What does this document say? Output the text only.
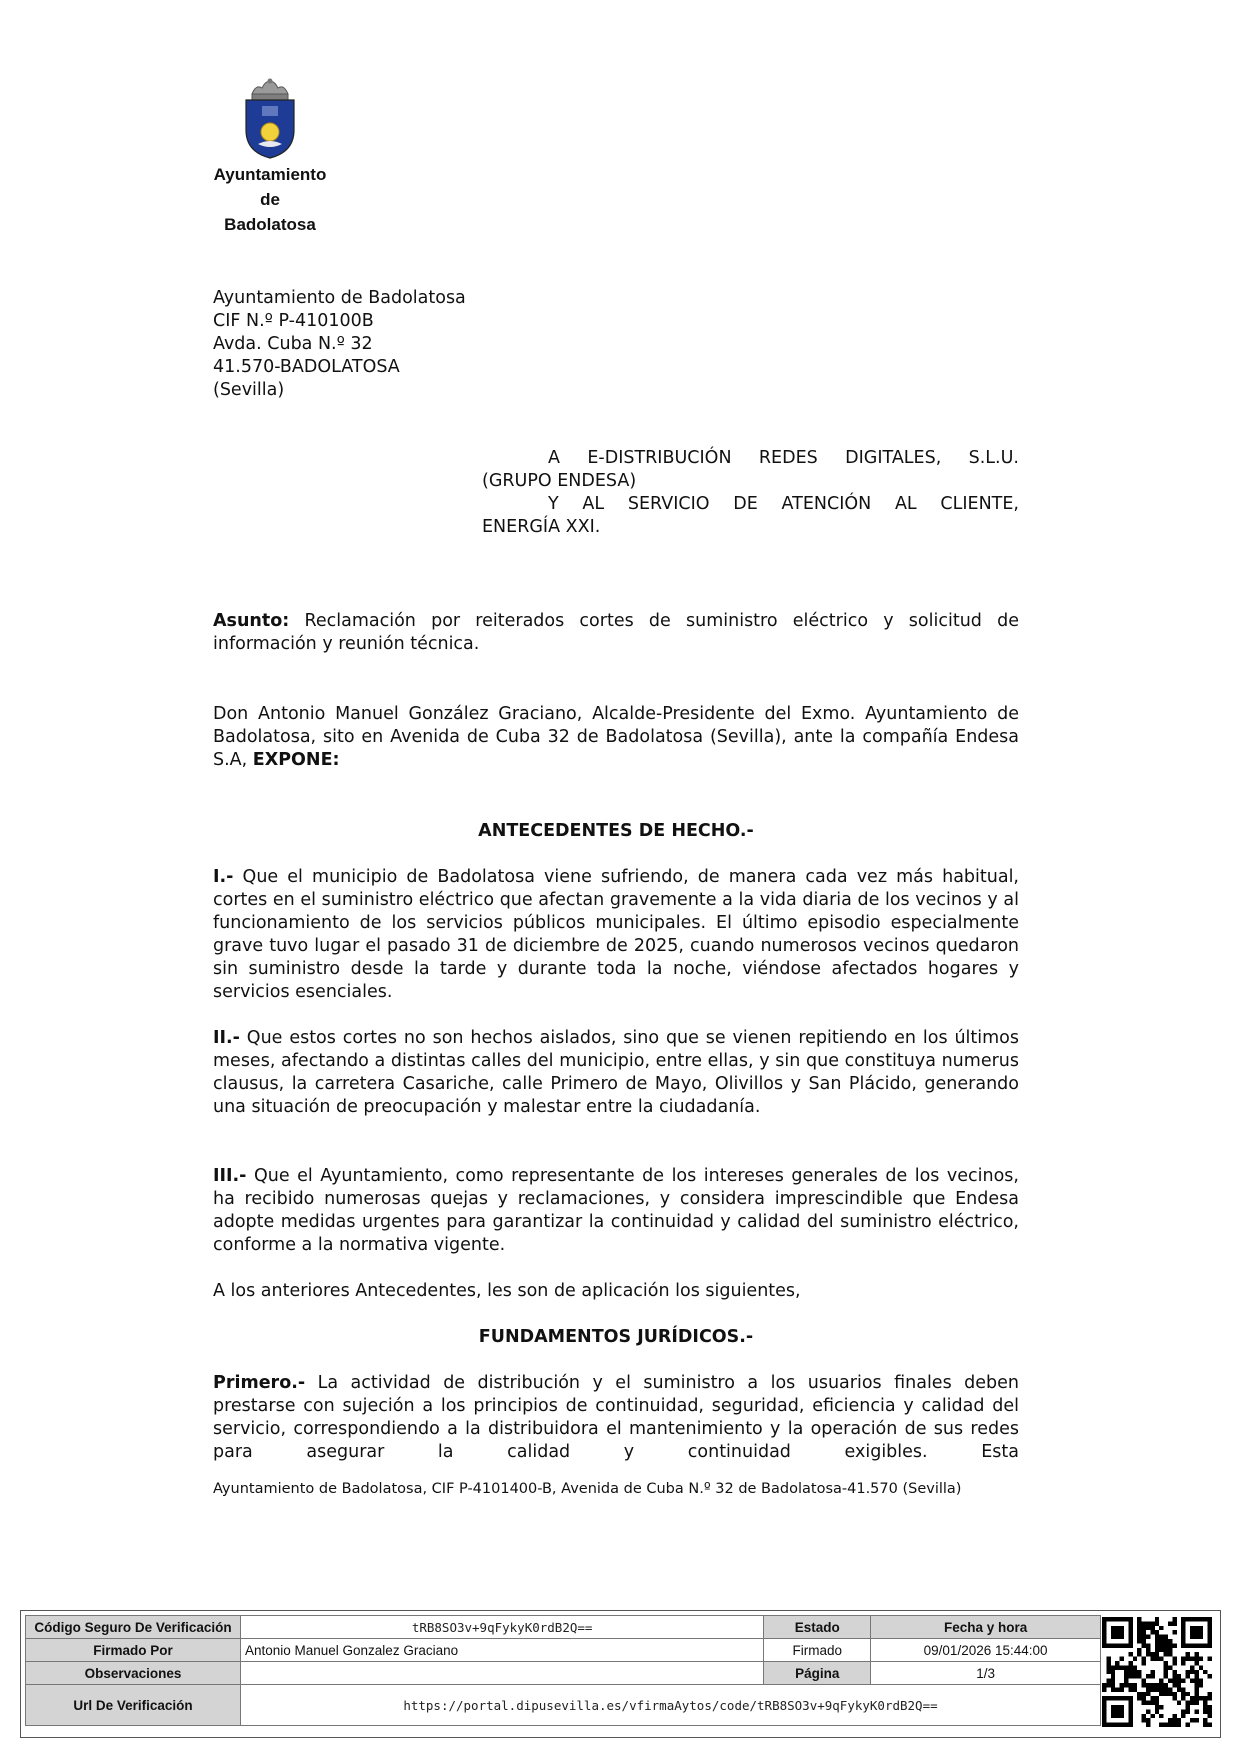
Ayuntamiento
de
Badolatosa
Ayuntamiento de Badolatosa
CIF N.º P-410100B
Avda. Cuba N.º 32
41.570-BADOLATOSA
(Sevilla)
A E-DISTRIBUCIÓN REDES DIGITALES, S.L.U.
(GRUPO ENDESA)
Y AL SERVICIO DE ATENCIÓN AL CLIENTE,
ENERGÍA XXI.

Asunto: Reclamación por reiterados cortes de suministro eléctrico y solicitud de información y reunión técnica.

Don Antonio Manuel González Graciano, Alcalde-Presidente del Exmo. Ayuntamiento de Badolatosa, sito en Avenida de Cuba 32 de Badolatosa (Sevilla), ante la compañía Endesa S.A, EXPONE:

ANTECEDENTES DE HECHO.-

I.- Que el municipio de Badolatosa viene sufriendo, de manera cada vez más habitual, cortes en el suministro eléctrico que afectan gravemente a la vida diaria de los vecinos y al funcionamiento de los servicios públicos municipales. El último episodio especialmente grave tuvo lugar el pasado 31 de diciembre de 2025, cuando numerosos vecinos quedaron sin suministro desde la tarde y durante toda la noche, viéndose afectados hogares y servicios esenciales.

II.- Que estos cortes no son hechos aislados, sino que se vienen repitiendo en los últimos meses, afectando a distintas calles del municipio, entre ellas, y sin que constituya numerus clausus, la carretera Casariche, calle Primero de Mayo, Olivillos y San Plácido, generando una situación de preocupación y malestar entre la ciudadanía.

III.- Que el Ayuntamiento, como representante de los intereses generales de los vecinos, ha recibido numerosas quejas y reclamaciones, y considera imprescindible que Endesa adopte medidas urgentes para garantizar la continuidad y calidad del suministro eléctrico, conforme a la normativa vigente.

A los anteriores Antecedentes, les son de aplicación los siguientes,

FUNDAMENTOS JURÍDICOS.-

Primero.- La actividad de distribución y el suministro a los usuarios finales deben prestarse con sujeción a los principios de continuidad, seguridad, eficiencia y calidad del servicio, correspondiendo a la distribuidora el mantenimiento y la operación de sus redes para asegurar la calidad y continuidad exigibles. Esta

Ayuntamiento de Badolatosa, CIF P-4101400-B, Avenida de Cuba N.º 32 de Badolatosa-41.570 (Sevilla)
Código Seguro De Verificación	tRB8SO3v+9qFykyK0rdB2Q==	Estado	Fecha y hora
Firmado Por	Antonio Manuel Gonzalez Graciano	Firmado	09/01/2026 15:44:00
Observaciones		Página	1/3
Url De Verificación	https://portal.dipusevilla.es/vfirmaAytos/code/tRB8SO3v+9qFykyK0rdB2Q==		
